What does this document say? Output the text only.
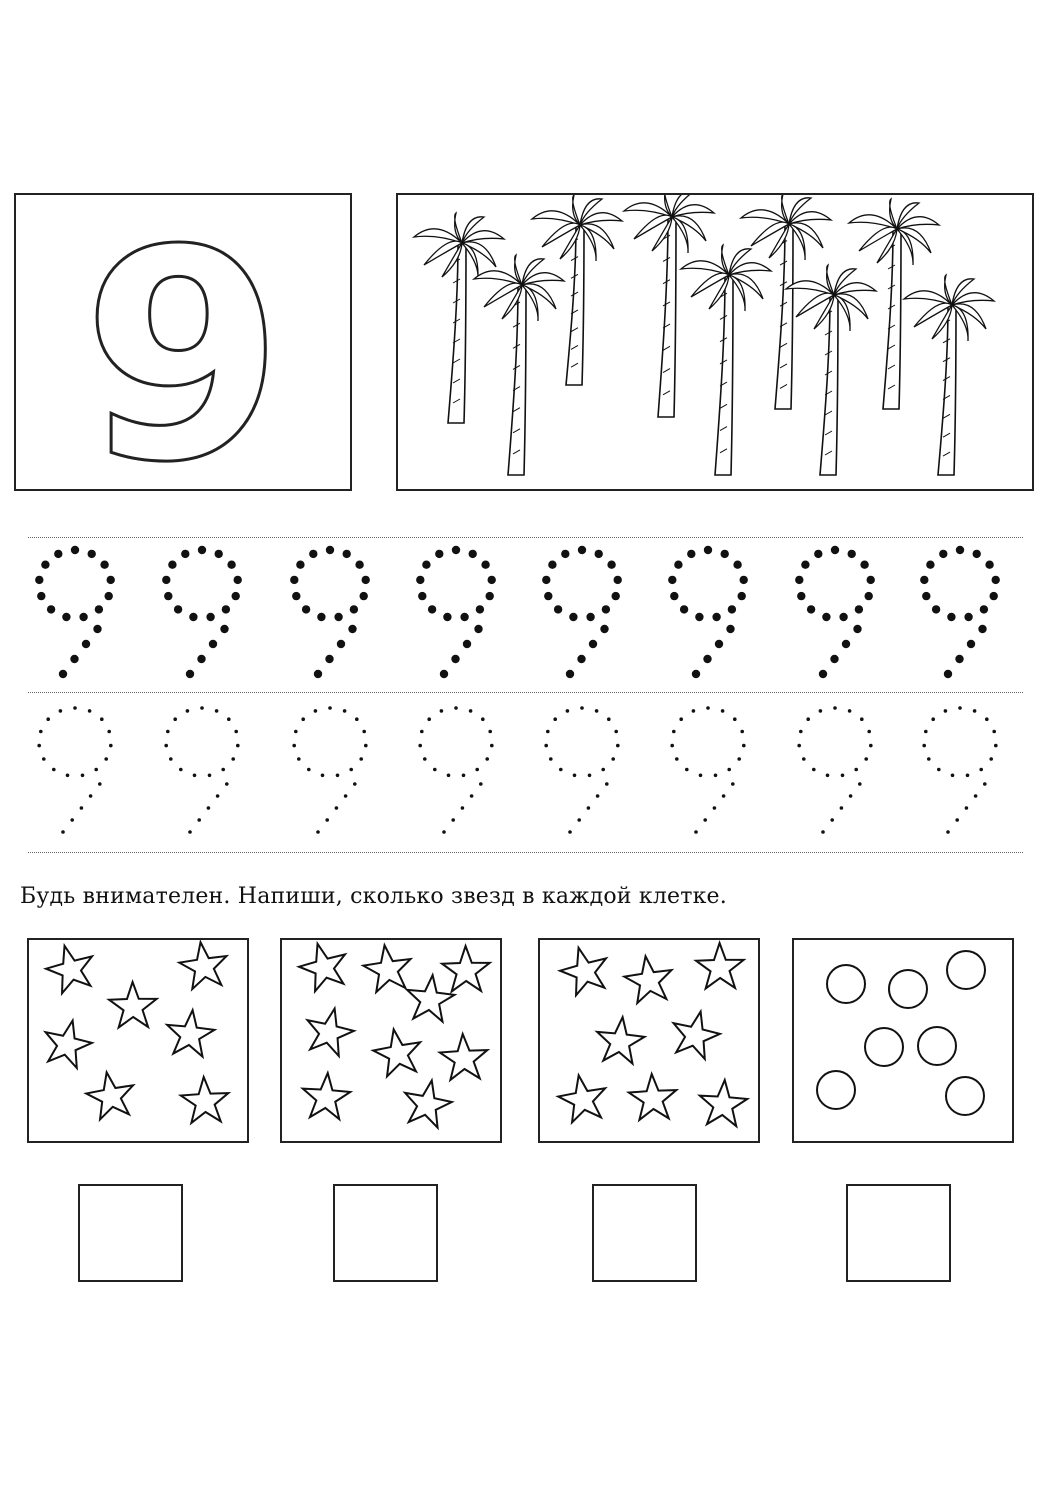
9
Будь внимателен. Напиши, сколько звезд в каждой клетке.
